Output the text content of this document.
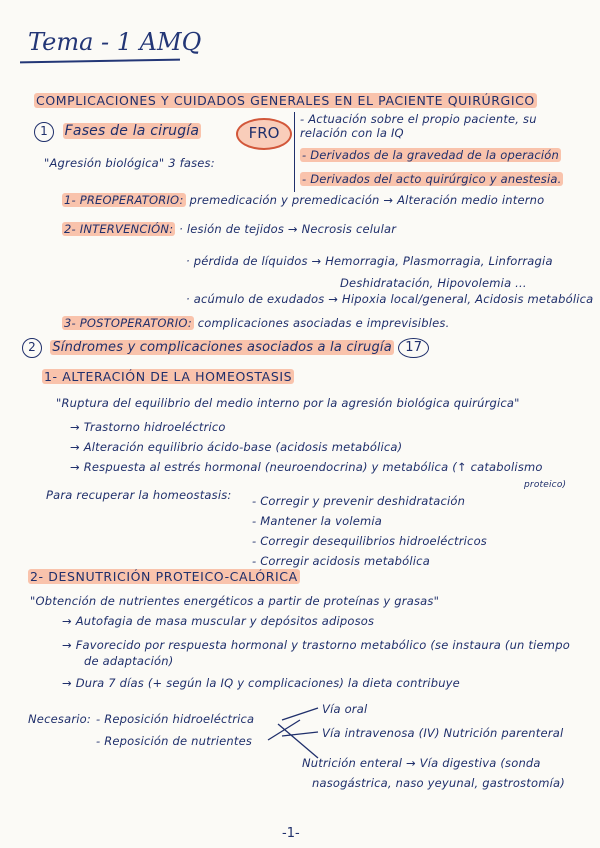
Tema - 1 AMQ
COMPLICACIONES Y CUIDADOS GENERALES EN EL PACIENTE QUIRÚRGICO
1 Fases de la cirugía	FRO
- Actuación sobre el propio paciente, su relación con la IQ
- Derivados de la gravedad de la operación
- Derivados del acto quirúrgico y anestesia.
"Agresión biológica" 3 fases:
1- PREOPERATORIO: premedicación y premedicación → Alteración medio interno
2- INTERVENCIÓN: · lesión de tejidos → Necrosis celular
· pérdida de líquidos → Hemorragia, Plasmorragia, Linforragia
Deshidratación, Hipovolemia ...
· acúmulo de exudados → Hipoxia local/general, Acidosis metabólica
3- POSTOPERATORIO: complicaciones asociadas e imprevisibles.
2 Síndromes y complicaciones asociados a la cirugía 17
1- ALTERACIÓN DE LA HOMEOSTASIS
"Ruptura del equilibrio del medio interno por la agresión biológica quirúrgica"
→ Trastorno hidroeléctrico
→ Alteración equilibrio ácido-base (acidosis metabólica)
→ Respuesta al estrés hormonal (neuroendocrina) y metabólica (↑ catabolismo
proteico)
Para recuperar la homeostasis: - Corregir y prevenir deshidratación
- Mantener la volemia
- Corregir desequilibrios hidroeléctricos
- Corregir acidosis metabólica
2- DESNUTRICIÓN PROTEICO-CALÓRICA
"Obtención de nutrientes energéticos a partir de proteínas y grasas"
→ Autofagia de masa muscular y depósitos adiposos
→ Favorecido por respuesta hormonal y trastorno metabólico (se instaura (un tiempo
de adaptación)
→ Dura 7 días (+ según la IQ y complicaciones) la dieta contribuye
Necesario: - Reposición hidroeléctrica
- Reposición de nutrientes
Vía oral
Vía intravenosa (IV) Nutrición parenteral
Nutrición enteral → Vía digestiva (sonda
nasogástrica, naso yeyunal, gastrostomía)
-1-
